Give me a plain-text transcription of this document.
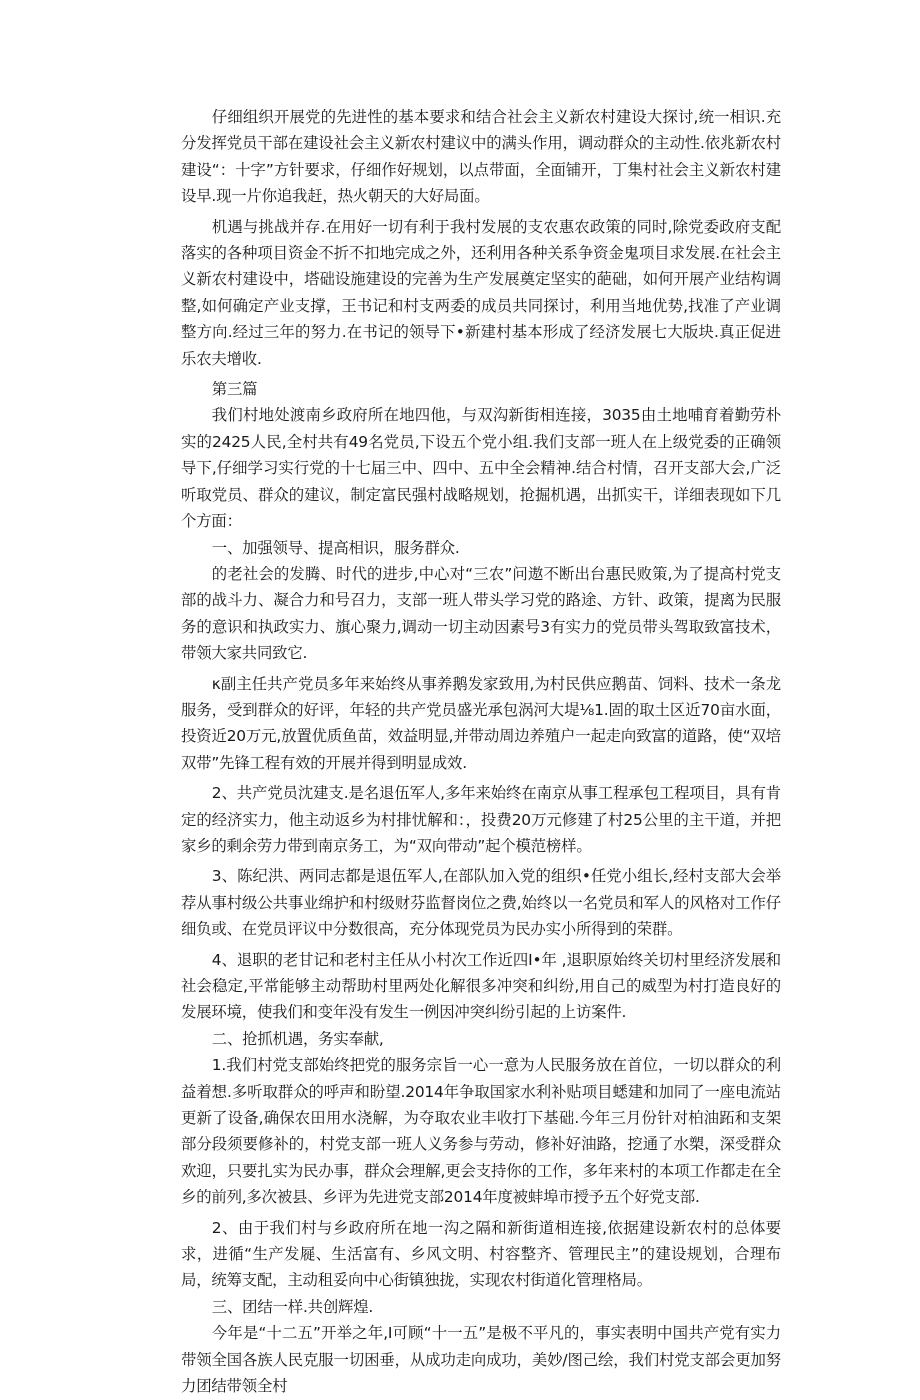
仔细组织开展党的先进性的基本要求和结合社会主义新农村建设大探讨,统一相识.充分发挥党员干部在建设社会主义新农村建议中的满头作用，调动群众的主动性.依兆新农村建设“：十字”方针要求，仔细作好规划，以点带面，全面铺开，丁集村社会主义新农村建设早.现一片你追我赶，热火朝天的大好局面。

机遇与挑战并存.在用好一切有利于我村发展的支农惠农政策的同时,除党委政府支配落实的各种项目资金不折不扣地完成之外，还利用各种关系争资金鬼项目求发展.在社会主义新农村建设中，塔础设施建设的完善为生产发展奠定坚实的葩础，如何开展产业结构调整,如何确定产业支撑，王书记和村支两委的成员共同探讨，利用当地优势,找准了产业调整方向.经过三年的努力.在书记的领导下•新建村基本形成了经济发展七大版块.真正促进乐农夫增收.

第三篇

我们村地处渡南乡政府所在地四他，与双沟新街相连接，3035由土地哺育着勤劳朴实的2425人民,全村共有49名党员,下设五个党小组.我们支部一班人在上级党委的正确领导下,仔细学习实行党的十七届三中、四中、五中全会精神.结合村情，召开支部大会,广泛听取党员、群众的建议，制定富民强村战略规划，抢掘机遇，出抓实干，详细表现如下几个方面：

一、加强领导、提高相识，服务群众.

的老社会的发腾、时代的进步,中心对“三农”问遨不断出台惠民败策,为了提高村党支部的战斗力、凝合力和号召力，支部一班人带头学习党的路途、方针、政策，提离为民服务的意识和执政实力、旗心聚力,调动一切主动因素号3有实力的党员带头驾取致富技术，带领大家共同致它.

κ副主任共产党员多年来始终从事养鹅发家致用,为村民供应鹅苗、饲料、技术一条龙服务，受到群众的好评，年轻的共产党员盛光承包涡河大堤⅛1.固的取土区近70亩水面，投资近20万元,放置优质鱼苗，效益明显,并带动周边养殖户一起走向致富的道路，使“双培双带”先锋工程有效的开展并得到明显成效.

2、共产党员沈建支.是名退伍军人,多年来始终在南京从事工程承包工程项目，具有肯定的经济实力，他主动返乡为村排忧解和：，投费20万元修建了村25公里的主干道，并把家乡的剩余劳力带到南京务工，为“双向带动”起个模范榜样。

3、陈纪洪、两同志都是退伍军人,在部队加入党的组织•任党小组长,经村支部大会举荐从事村级公共事业绵护和村级财芬监督岗位之费,始终以一名党员和军人的风格对工作仔细负或、在党员评议中分数很高，充分体现党员为民办实小所得到的荣群。

4、退职的老甘记和老村主任从小村次工作近四I•年 ,退职原始终关切村里经济发展和社会稳定,平常能够主动帮助村里两处化解很多冲突和纠纷,用自己的威型为村打造良好的发展环境，使我们和变年没有发生一例因冲突纠纷引起的上访案件.

二、抢抓机遇，务实奉献,

1.我们村党支部始终把党的服务宗旨一心一意为人民服务放在首位，一切以群众的利益着想.多听取群众的呼声和盼望.2014年争取国家水利补贴项目蟋建和加同了一座电流站更新了设备,确保农田用水浇解，为夺取农业丰收打下基础.今年三月份针对柏油跖和支架部分段须要修补的，村党支部一班人义务参与劳动，修补好油路，挖通了水槊，深受群众欢迎，只要扎实为民办事，群众会理解,更会支持你的工作，多年来村的本项工作都走在全乡的前列,多次被县、乡评为先进党支部2014年度被蚌埠市授予五个好党支部.

2、由于我们村与乡政府所在地一沟之隔和新街道相连接,依据建设新农村的总体要求，进循“生产发屣、生活富有、乡风文明、村容整齐、管理民主”的建设规划，合理布局，统筹支配，主动租妥向中心街镇独拢，实现农村街道化管理格局。

三、团结一样.共创辉煌.

今年是“十二五”开举之年,I可顾“十一五”是极不平凡的，事实表明中国共产党有实力带领全国各族人民克服一切困垂，从成功走向成功，美妙/图己绘，我们村党支部会更加努力团结带领全村
